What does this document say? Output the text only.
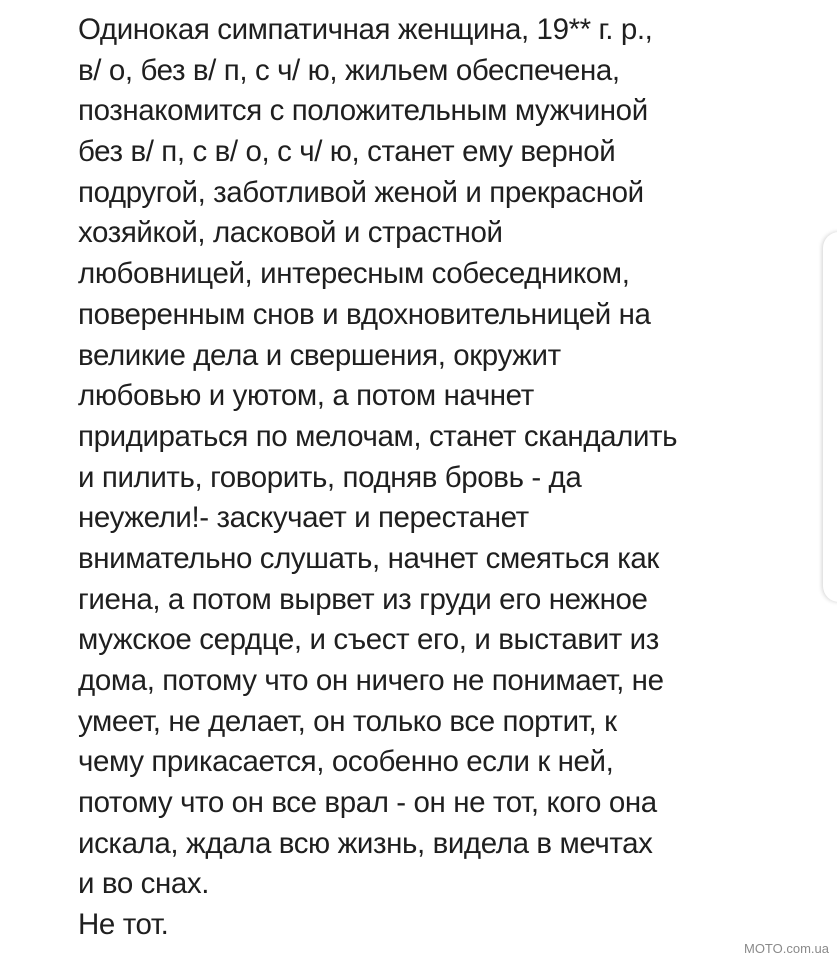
Одинокая симпатичная женщина, 19** г. р.,
в/ о, без в/ п, с ч/ ю, жильем обеспечена,
познакомится с положительным мужчиной
без в/ п, с в/ о, с ч/ ю, станет ему верной
подругой, заботливой женой и прекрасной
хозяйкой, ласковой и страстной
любовницей, интересным собеседником,
поверенным снов и вдохновительницей на
великие дела и свершения, окружит
любовью и уютом, а потом начнет
придираться по мелочам, станет скандалить
и пилить, говорить, подняв бровь - да
неужели!- заскучает и перестанет
внимательно слушать, начнет смеяться как
гиена, а потом вырвет из груди его нежное
мужское сердце, и съест его, и выставит из
дома, потому что он ничего не понимает, не
умеет, не делает, он только все портит, к
чему прикасается, особенно если к ней,
потому что он все врал - он не тот, кого она
искала, ждала всю жизнь, видела в мечтах
и во снах.
Не тот.
MOTO.com.ua
